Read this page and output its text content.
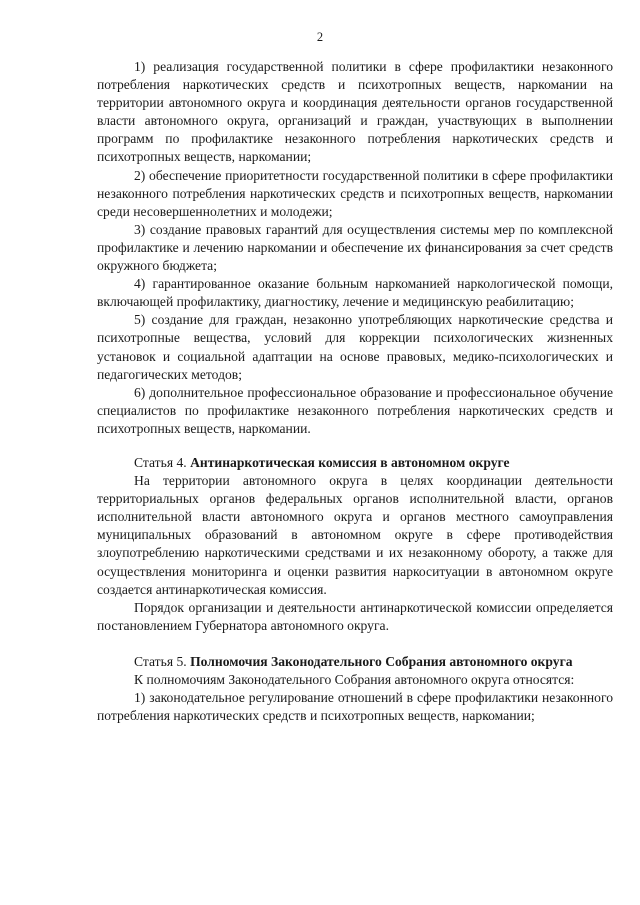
2

1) реализация государственной политики в сфере профилактики незаконного потребления наркотических средств и психотропных веществ, наркомании на территории автономного округа и координация деятельности органов государственной власти автономного округа, организаций и граждан, участвующих в выполнении программ по профилактике незаконного потребления наркотических средств и психотропных веществ, наркомании;

2) обеспечение приоритетности государственной политики в сфере профилактики незаконного потребления наркотических средств и психотропных веществ, наркомании среди несовершеннолетних и молодежи;

3) создание правовых гарантий для осуществления системы мер по комплексной профилактике и лечению наркомании и обеспечение их финансирования за счет средств окружного бюджета;

4) гарантированное оказание больным наркоманией наркологической помощи, включающей профилактику, диагностику, лечение и медицинскую реабилитацию;

5) создание для граждан, незаконно употребляющих наркотические средства и психотропные вещества, условий для коррекции психологических жизненных установок и социальной адаптации на основе правовых, медико-психологических и педагогических методов;

6) дополнительное профессиональное образование и профессиональное обучение специалистов по профилактике незаконного потребления наркотических средств и психотропных веществ, наркомании.

Статья 4. Антинаркотическая комиссия в автономном округе

На территории автономного округа в целях координации деятельности территориальных органов федеральных органов исполнительной власти, органов исполнительной власти автономного округа и органов местного самоуправления муниципальных образований в автономном округе в сфере противодействия злоупотреблению наркотическими средствами и их незаконному обороту, а также для осуществления мониторинга и оценки развития наркоситуации в автономном округе создается антинаркотическая комиссия.

Порядок организации и деятельности антинаркотической комиссии определяется постановлением Губернатора автономного округа.

Статья 5. Полномочия Законодательного Собрания автономного округа

К полномочиям Законодательного Собрания автономного округа относятся:

1) законодательное регулирование отношений в сфере профилактики незаконного потребления наркотических средств и психотропных веществ, наркомании;
